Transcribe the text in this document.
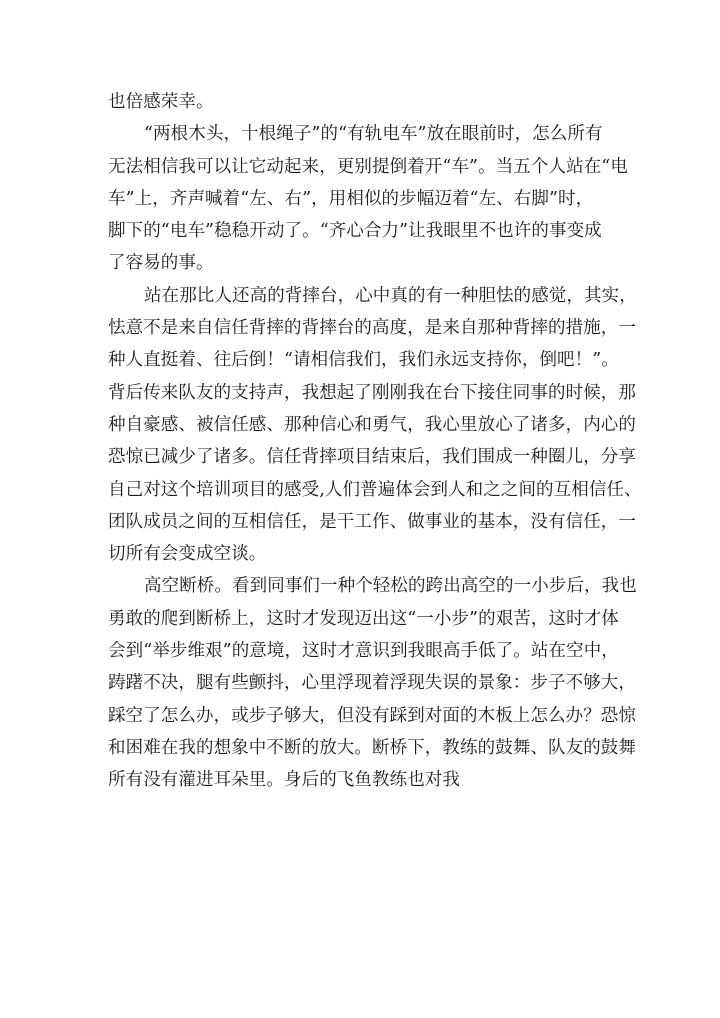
也倍感荣幸。
“两根木头，十根绳子”的“有轨电车”放在眼前时，怎么所有
无法相信我可以让它动起来，更别提倒着开“车”。当五个人站在“电
车”上，齐声喊着“左、右”，用相似的步幅迈着“左、右脚”时，
脚下的“电车”稳稳开动了。“齐心合力”让我眼里不也许的事变成
了容易的事。
站在那比人还高的背摔台，心中真的有一种胆怯的感觉，其实，
怯意不是来自信任背摔的背摔台的高度，是来自那种背摔的措施，一
种人直挺着、往后倒！“请相信我们，我们永远支持你，倒吧！”。
背后传来队友的支持声，我想起了刚刚我在台下接住同事的时候，那
种自豪感、被信任感、那种信心和勇气，我心里放心了诸多，内心的
恐惊已减少了诸多。信任背摔项目结束后，我们围成一种圈儿，分享
自己对这个培训项目的感受,人们普遍体会到人和之之间的互相信任、
团队成员之间的互相信任，是干工作、做事业的基本，没有信任，一
切所有会变成空谈。
高空断桥。看到同事们一种个轻松的跨出高空的一小步后，我也
勇敢的爬到断桥上，这时才发现迈出这“一小步”的艰苦，这时才体
会到“举步维艰”的意境，这时才意识到我眼高手低了。站在空中，
踌躇不决，腿有些颤抖，心里浮现着浮现失误的景象：步子不够大，
踩空了怎么办，或步子够大，但没有踩到对面的木板上怎么办？恐惊
和困难在我的想象中不断的放大。断桥下，教练的鼓舞、队友的鼓舞
所有没有灌进耳朵里。身后的飞鱼教练也对我
